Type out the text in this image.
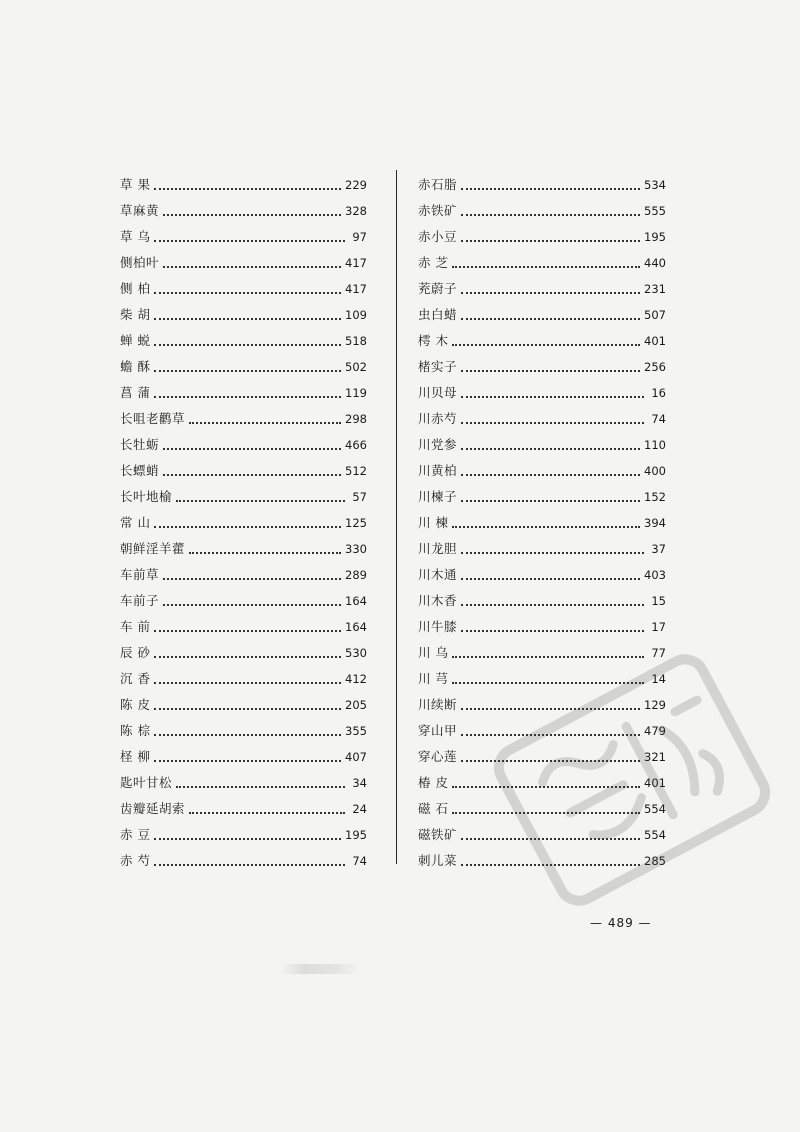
草 果	229
草麻黄	328
草 乌	97
侧柏叶	417
侧 柏	417
柴 胡	109
蝉 蜕	518
蟾 酥	502
菖 蒲	119
长咀老鹳草	298
长牡蛎	466
长螵蛸	512
长叶地榆	57
常 山	125
朝鲜淫羊藿	330
车前草	289
车前子	164
车 前	164
辰 砂	530
沉 香	412
陈 皮	205
陈 棕	355
柽 柳	407
匙叶甘松	34
齿瓣延胡索	24
赤 豆	195
赤 芍	74
赤石脂	534
赤铁矿	555
赤小豆	195
赤 芝	440
茺蔚子	231
虫白蜡	507
樗 木	401
楮实子	256
川贝母	16
川赤芍	74
川党参	110
川黄柏	400
川楝子	152
川 楝	394
川龙胆	37
川木通	403
川木香	15
川牛膝	17
川 乌	77
川 芎	14
川续断	129
穿山甲	479
穿心莲	321
椿 皮	401
磁 石	554
磁铁矿	554
刺儿菜	285
— 489 —
